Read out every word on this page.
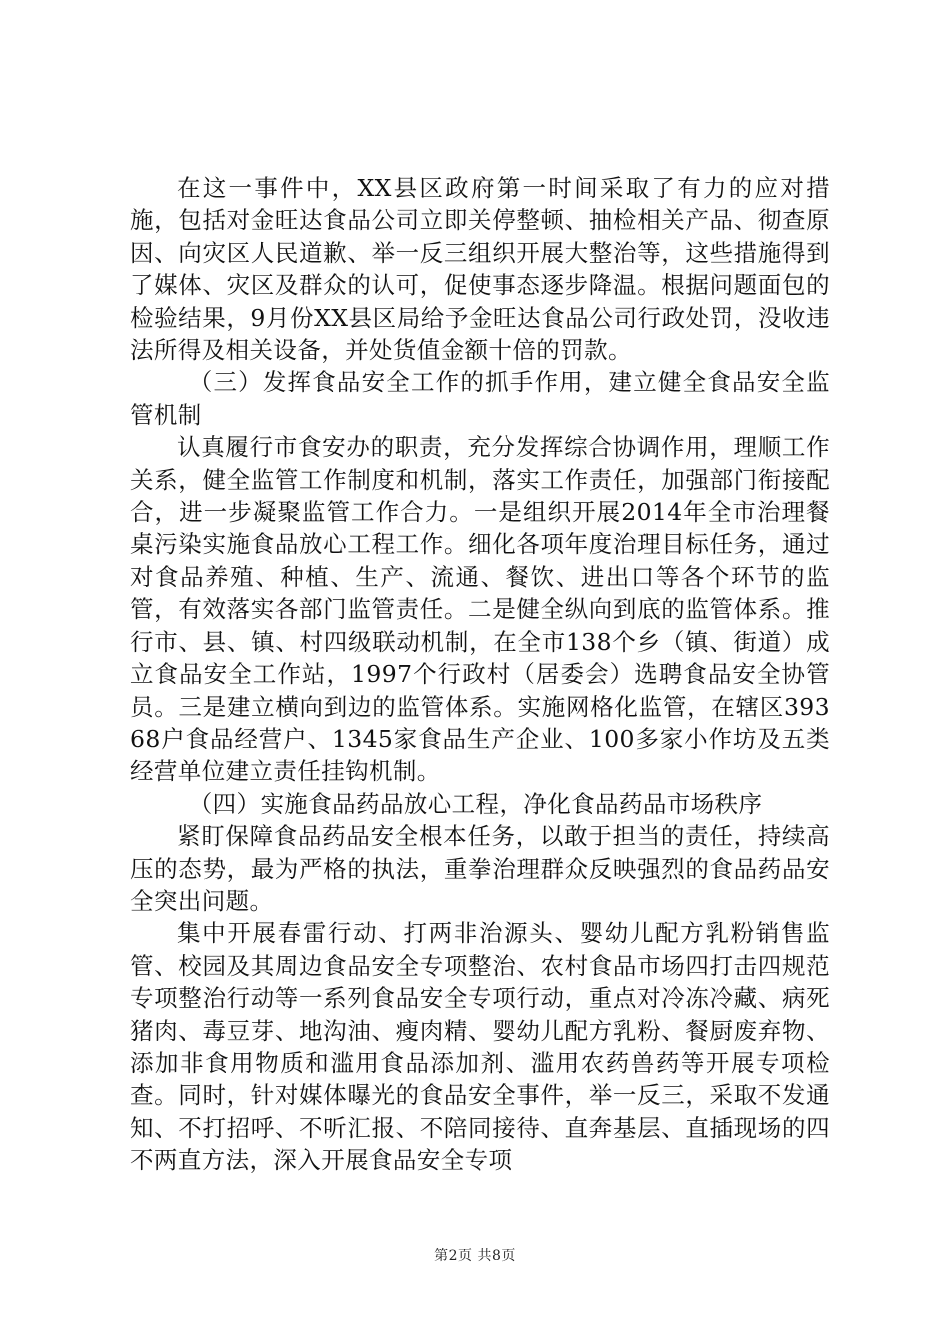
在这一事件中，XX县区政府第一时间采取了有力的应对措施，包括对金旺达食品公司立即关停整顿、抽检相关产品、彻查原因、向灾区人民道歉、举一反三组织开展大整治等，这些措施得到了媒体、灾区及群众的认可，促使事态逐步降温。根据问题面包的检验结果，9月份XX县区局给予金旺达食品公司行政处罚，没收违法所得及相关设备，并处货值金额十倍的罚款。

（三）发挥食品安全工作的抓手作用，建立健全食品安全监管机制

认真履行市食安办的职责，充分发挥综合协调作用，理顺工作关系，健全监管工作制度和机制，落实工作责任，加强部门衔接配合，进一步凝聚监管工作合力。一是组织开展2014年全市治理餐桌污染实施食品放心工程工作。细化各项年度治理目标任务，通过对食品养殖、种植、生产、流通、餐饮、进出口等各个环节的监管，有效落实各部门监管责任。二是健全纵向到底的监管体系。推行市、县、镇、村四级联动机制，在全市138个乡（镇、街道）成立食品安全工作站，1997个行政村（居委会）选聘食品安全协管员。三是建立横向到边的监管体系。实施网格化监管，在辖区39368户食品经营户、1345家食品生产企业、100多家小作坊及五类经营单位建立责任挂钩机制。

（四）实施食品药品放心工程，净化食品药品市场秩序

紧盯保障食品药品安全根本任务，以敢于担当的责任，持续高压的态势，最为严格的执法，重拳治理群众反映强烈的食品药品安全突出问题。

集中开展春雷行动、打两非治源头、婴幼儿配方乳粉销售监管、校园及其周边食品安全专项整治、农村食品市场四打击四规范专项整治行动等一系列食品安全专项行动，重点对冷冻冷藏、病死猪肉、毒豆芽、地沟油、瘦肉精、婴幼儿配方乳粉、餐厨废弃物、添加非食用物质和滥用食品添加剂、滥用农药兽药等开展专项检查。同时，针对媒体曝光的食品安全事件，举一反三，采取不发通知、不打招呼、不听汇报、不陪同接待、直奔基层、直插现场的四不两直方法，深入开展食品安全专项

第2页 共8页
